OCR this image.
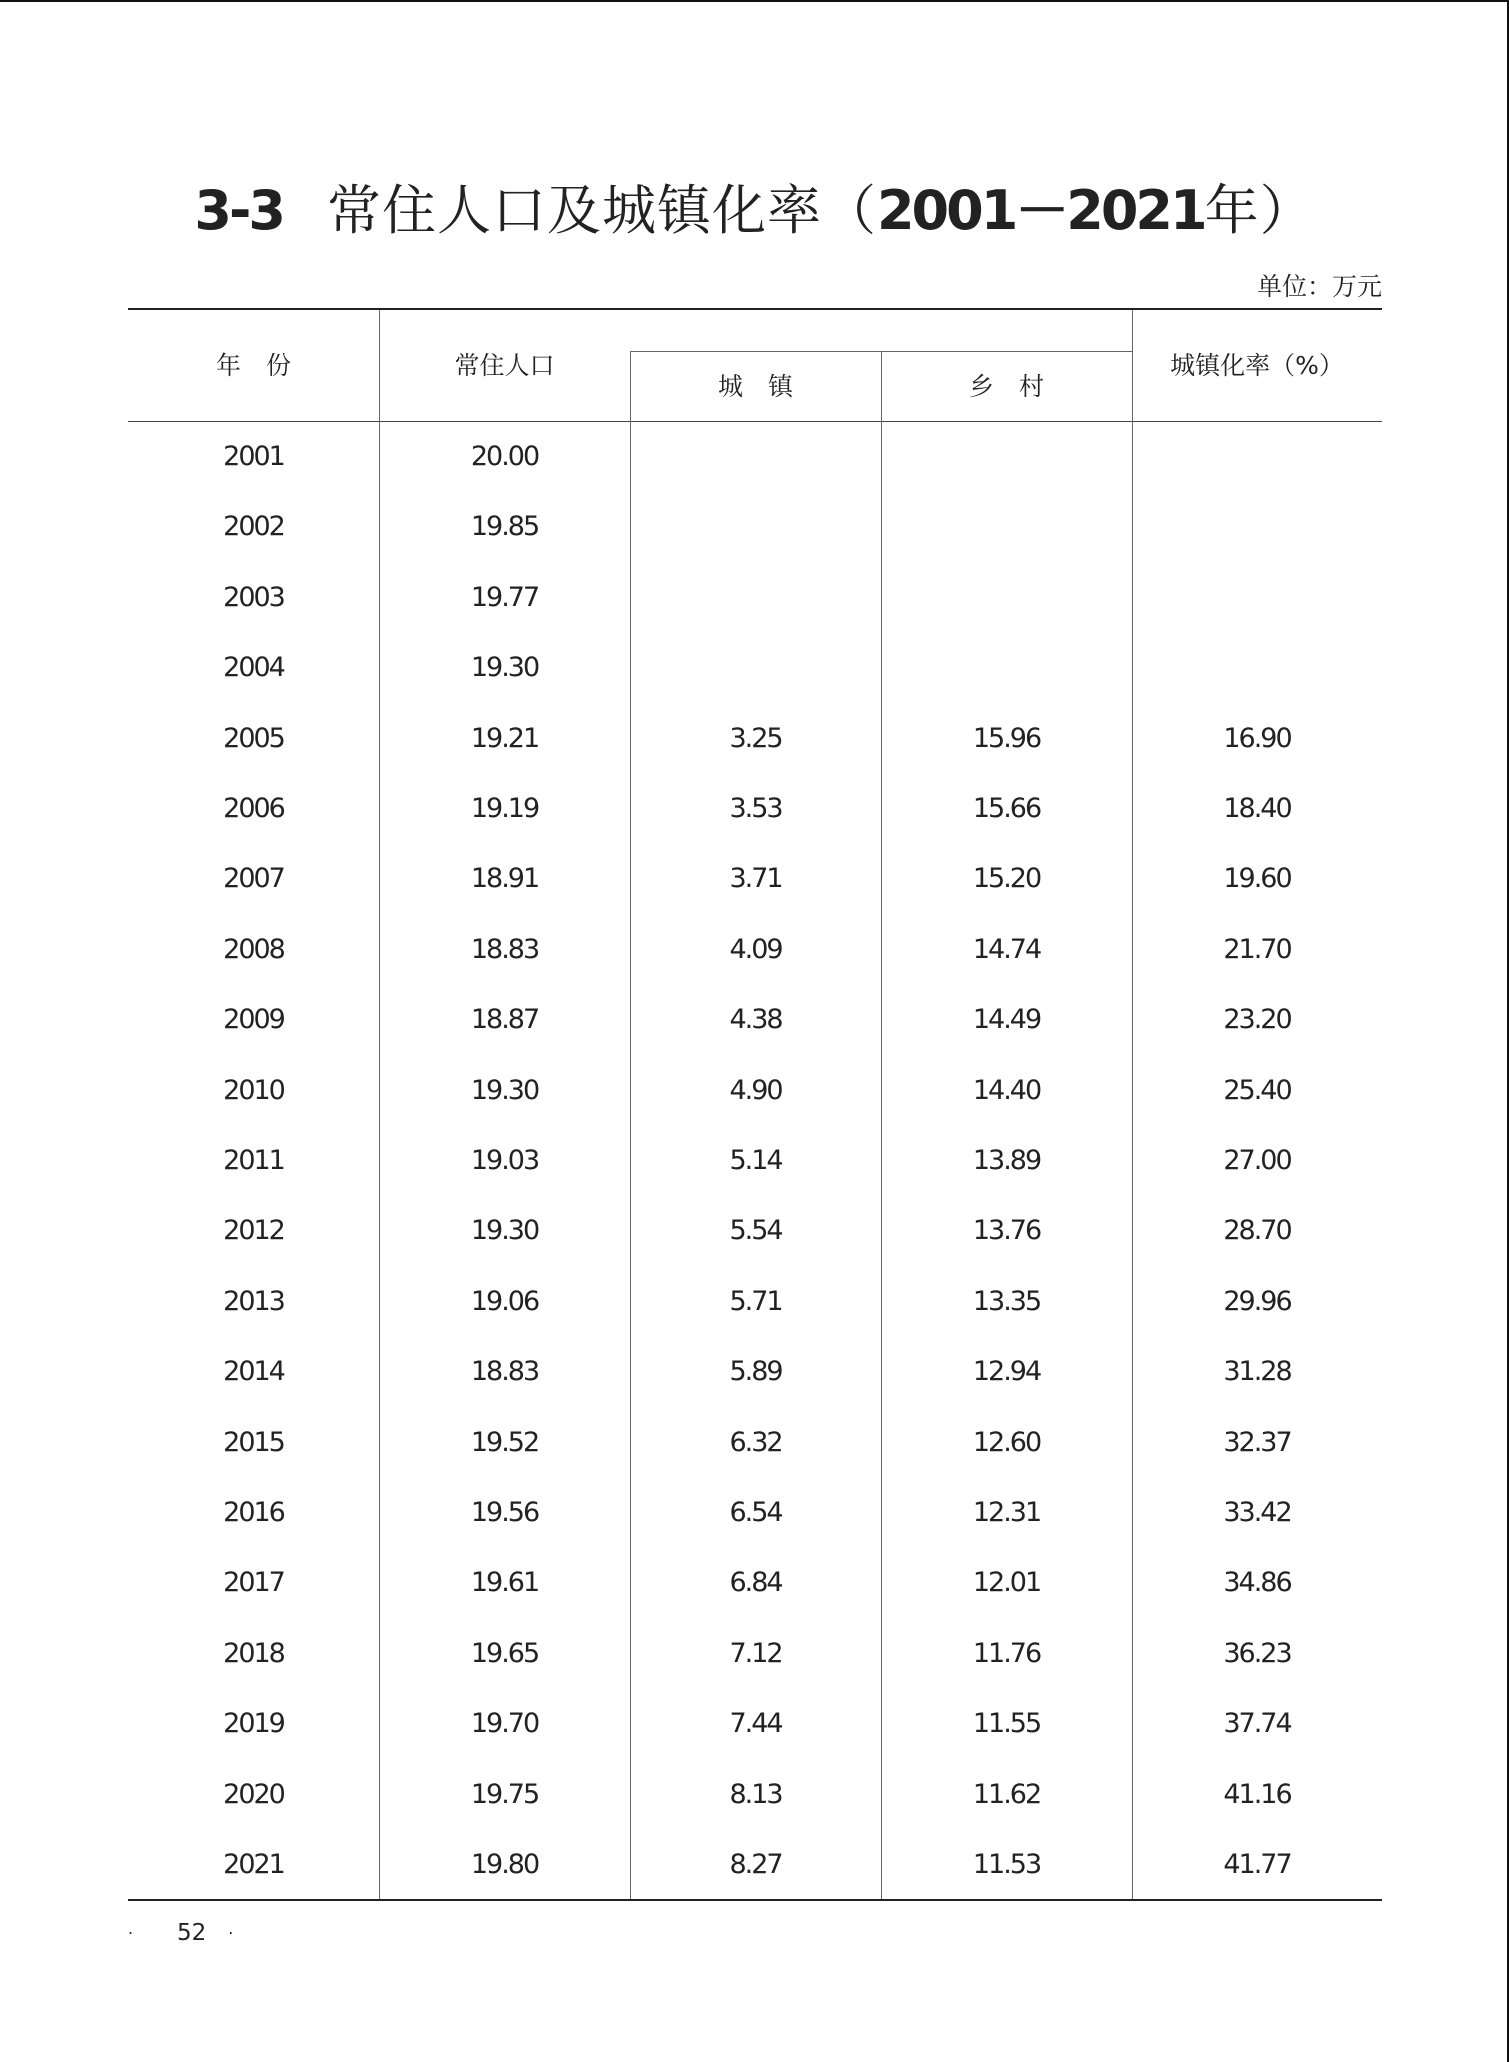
3-3 常住人口及城镇化率（2001－2021年）
单位：万元
年　份	常住人口
城　镇	乡　村
城镇化率（%）
2001	20.00
2002	19.85
2003	19.77
2004	19.30
2005	19.21	3.25	15.96	16.90
2006	19.19	3.53	15.66	18.40
2007	18.91	3.71	15.20	19.60
2008	18.83	4.09	14.74	21.70
2009	18.87	4.38	14.49	23.20
2010	19.30	4.90	14.40	25.40
2011	19.03	5.14	13.89	27.00
2012	19.30	5.54	13.76	28.70
2013	19.06	5.71	13.35	29.96
2014	18.83	5.89	12.94	31.28
2015	19.52	6.32	12.60	32.37
2016	19.56	6.54	12.31	33.42
2017	19.61	6.84	12.01	34.86
2018	19.65	7.12	11.76	36.23
2019	19.70	7.44	11.55	37.74
2020	19.75	8.13	11.62	41.16
2021	19.80	8.27	11.53	41.77
· 52 ·
